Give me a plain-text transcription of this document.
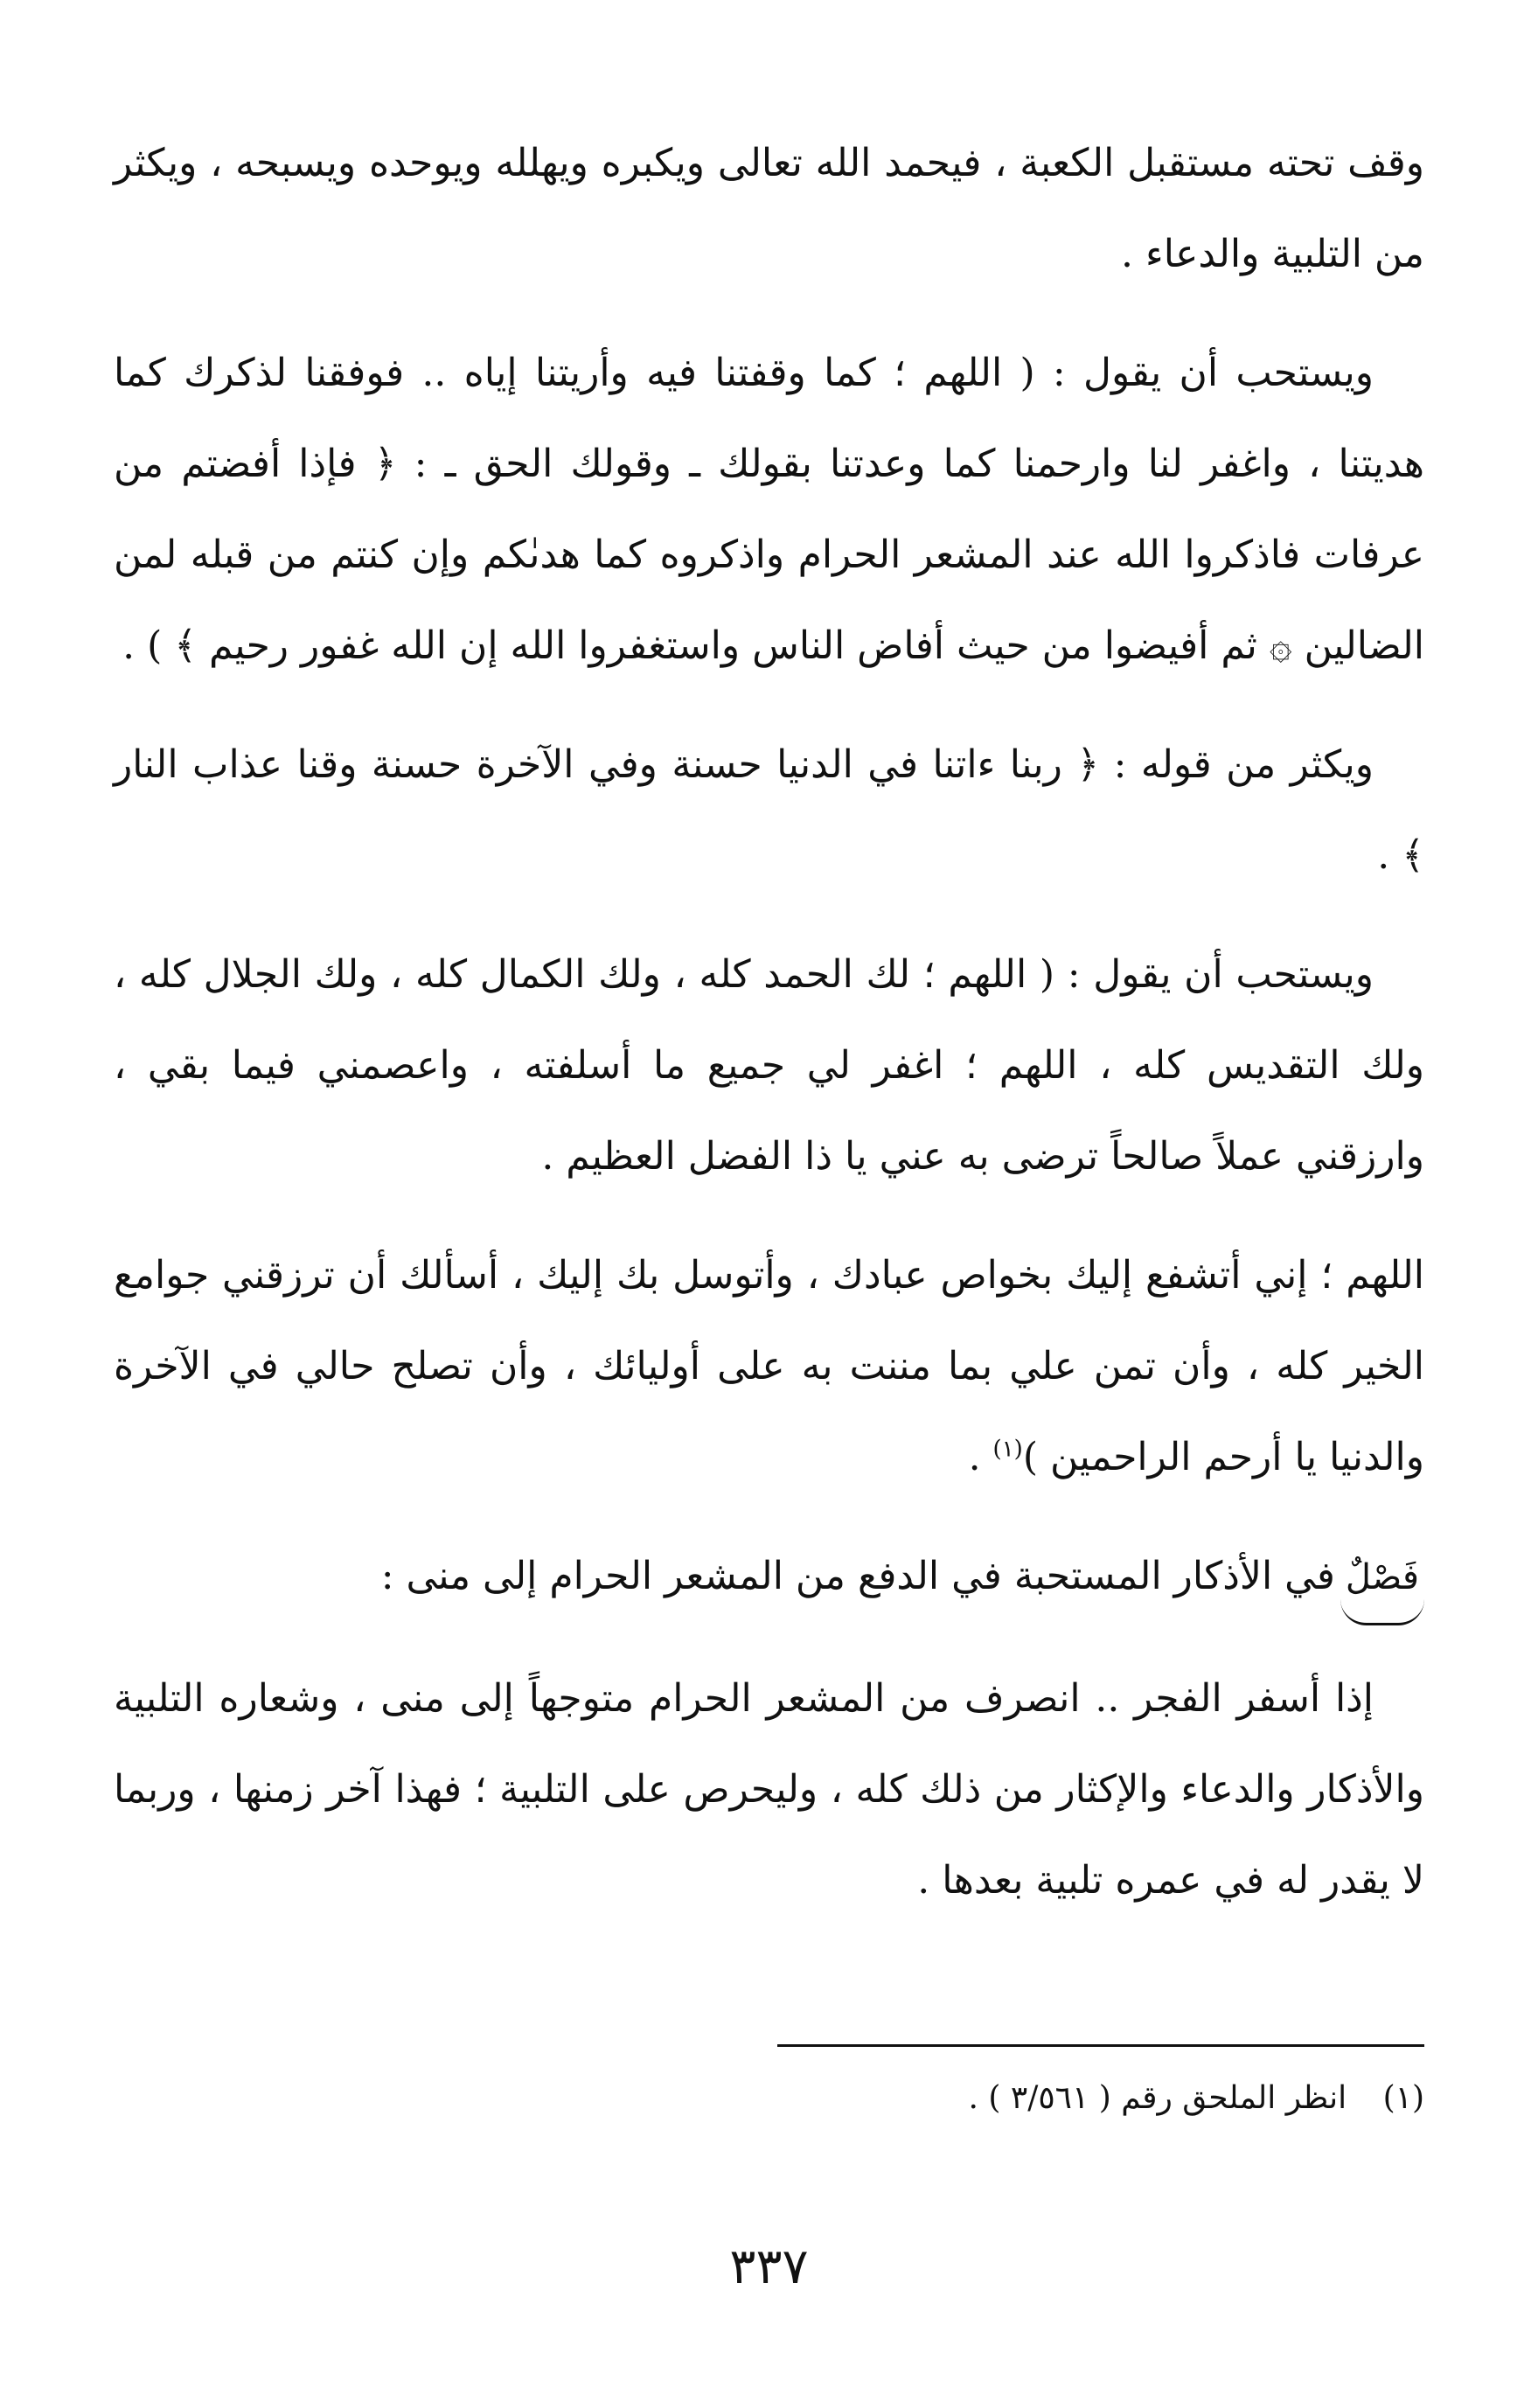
وقف تحته مستقبل الكعبة ، فيحمد الله تعالى ويكبره ويهلله ويوحده ويسبحه ، ويكثر من التلبية والدعاء .

ويستحب أن يقول : ( اللهم ؛ كما وقفتنا فيه وأريتنا إياه .. فوفقنا لذكرك كما هديتنا ، واغفر لنا وارحمنا كما وعدتنا بقولك ـ وقولك الحق ـ : ﴿ فإذا أفضتم من عرفات فاذكروا الله عند المشعر الحرام واذكروه كما هدىٰكم وإن كنتم من قبله لمن الضالين ۞ ثم أفيضوا من حيث أفاض الناس واستغفروا الله إن الله غفور رحيم ﴾ ) .

ويكثر من قوله : ﴿ ربنا ءاتنا في الدنيا حسنة وفي الآخرة حسنة وقنا عذاب النار ﴾ .

ويستحب أن يقول : ( اللهم ؛ لك الحمد كله ، ولك الكمال كله ، ولك الجلال كله ، ولك التقديس كله ، اللهم ؛ اغفر لي جميع ما أسلفته ، واعصمني فيما بقي ، وارزقني عملاً صالحاً ترضى به عني يا ذا الفضل العظيم .

اللهم ؛ إني أتشفع إليك بخواص عبادك ، وأتوسل بك إليك ، أسألك أن ترزقني جوامع الخير كله ، وأن تمن علي بما مننت به على أوليائك ، وأن تصلح حالي في الآخرة والدنيا يا أرحم الراحمين )$^{(١)}$ .

فَصْلٌفي الأذكار المستحبة في الدفع من المشعر الحرام إلى منى :

إذا أسفر الفجر .. انصرف من المشعر الحرام متوجهاً إلى منى ، وشعاره التلبية والأذكار والدعاء والإكثار من ذلك كله ، وليحرص على التلبية ؛ فهذا آخر زمنها ، وربما لا يقدر له في عمره تلبية بعدها .

(١) انظر الملحق رقم ( ٣/٥٦١ ) .
٣٣٧
